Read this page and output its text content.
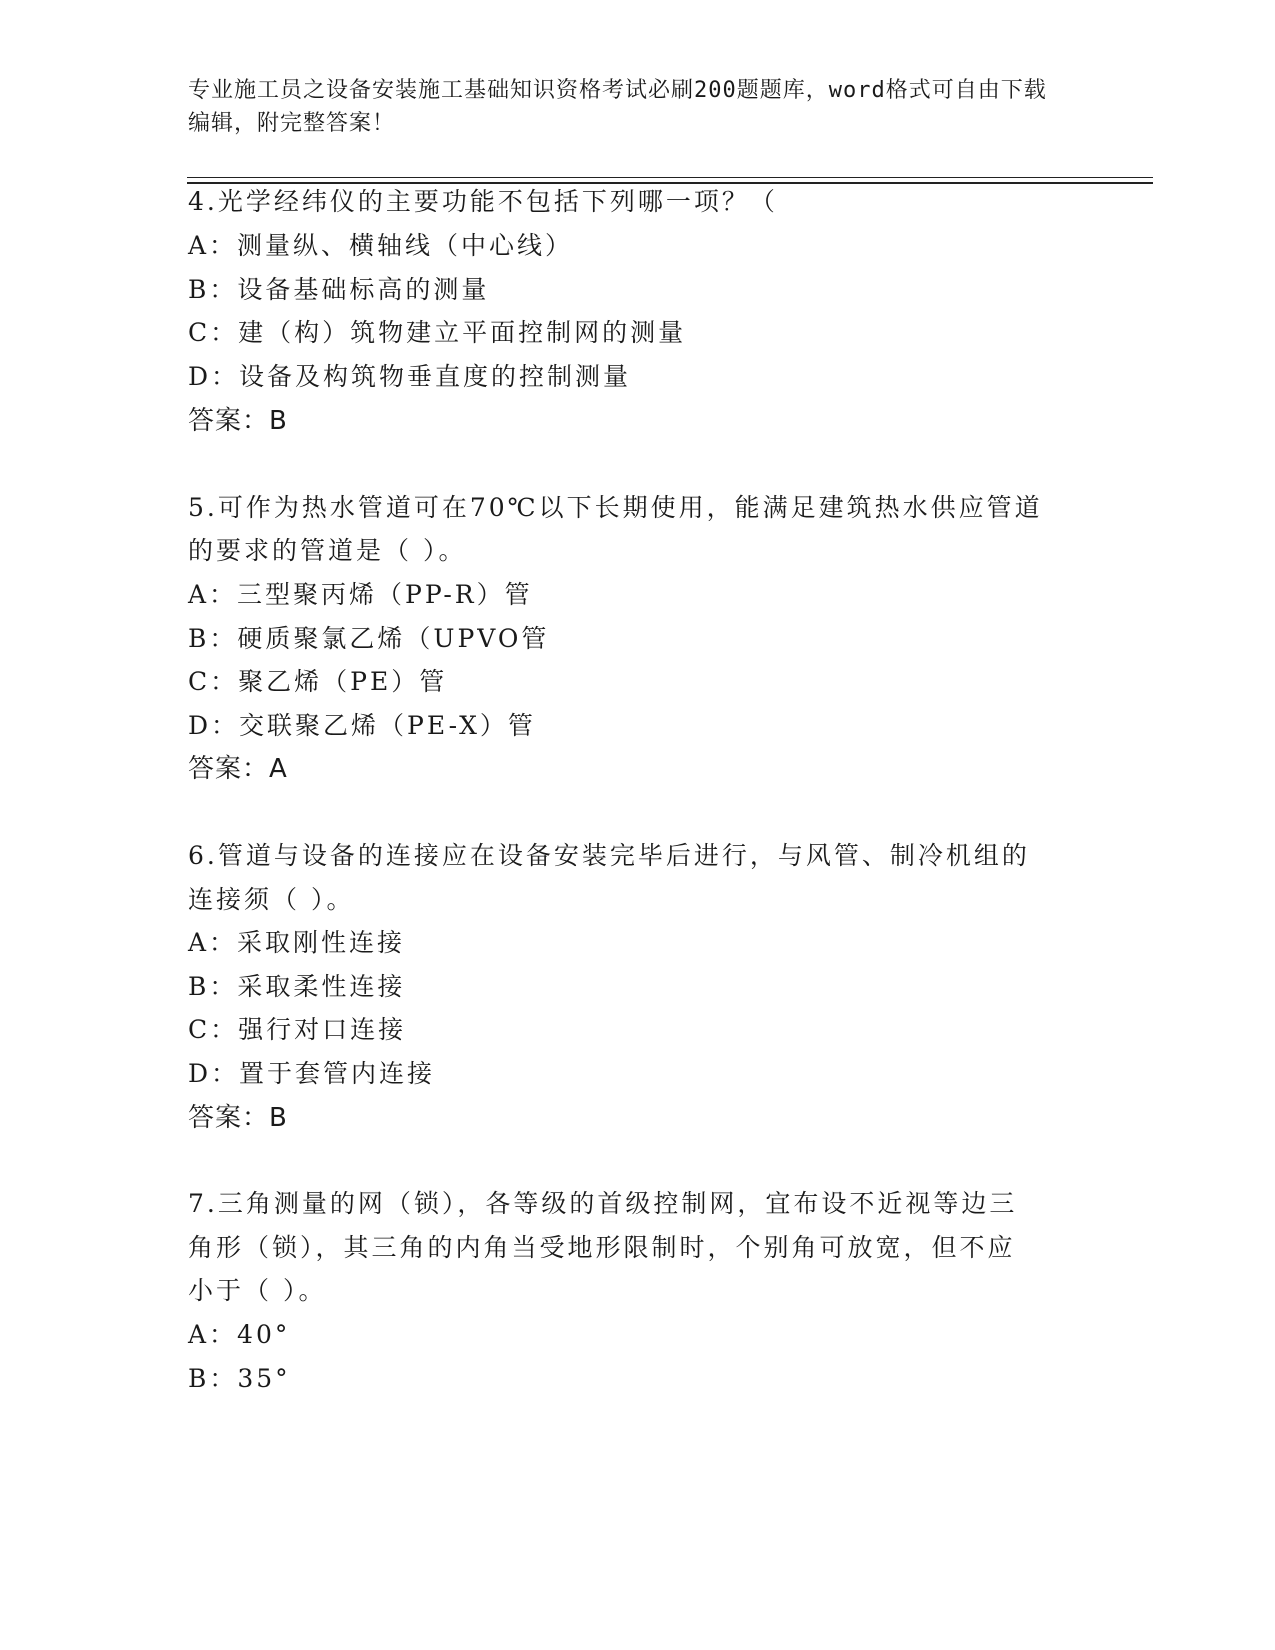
专业施工员之设备安装施工基础知识资格考试必刷200题题库，word格式可自由下载编辑，附完整答案！
4.光学经纬仪的主要功能不包括下列哪一项？（
A：测量纵、横轴线（中心线）
B：设备基础标高的测量
C：建（构）筑物建立平面控制网的测量
D：设备及构筑物垂直度的控制测量
答案：B
5.可作为热水管道可在70℃以下长期使用，能满足建筑热水供应管道
的要求的管道是（ ）。
A：三型聚丙烯（PP-R）管
B：硬质聚氯乙烯（UPVO管
C：聚乙烯（PE）管
D：交联聚乙烯（PE-X）管
答案：A
6.管道与设备的连接应在设备安装完毕后进行，与风管、制冷机组的
连接须（ ）。
A：采取刚性连接
B：采取柔性连接
C：强行对口连接
D：置于套管内连接
答案：B
7.三角测量的网（锁），各等级的首级控制网，宜布设不近视等边三
角形（锁），其三角的内角当受地形限制时，个别角可放宽，但不应
小于（ ）。
A：40°
B：35°
